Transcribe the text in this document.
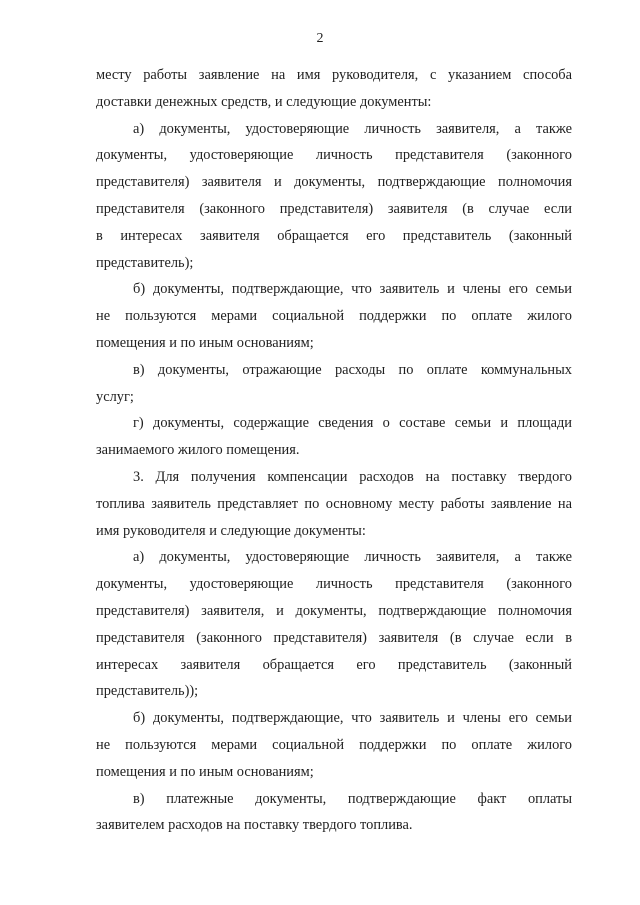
2
месту работы заявление на имя руководителя, с указанием способа
доставки денежных средств, и следующие документы:
а) документы, удостоверяющие личность заявителя, а также
документы, удостоверяющие личность представителя (законного
представителя) заявителя и документы, подтверждающие полномочия
представителя (законного представителя) заявителя (в случае если
в интересах заявителя обращается его представитель (законный
представитель);
б) документы, подтверждающие, что заявитель и члены его семьи
не пользуются мерами социальной поддержки по оплате жилого
помещения и по иным основаниям;
в) документы, отражающие расходы по оплате коммунальных
услуг;
г) документы, содержащие сведения о составе семьи и площади
занимаемого жилого помещения.
3. Для получения компенсации расходов на поставку твердого
топлива заявитель представляет по основному месту работы заявление на
имя руководителя и следующие документы:
а) документы, удостоверяющие личность заявителя, а также
документы, удостоверяющие личность представителя (законного
представителя) заявителя, и документы, подтверждающие полномочия
представителя (законного представителя) заявителя (в случае если в
интересах заявителя обращается его представитель (законный
представитель));
б) документы, подтверждающие, что заявитель и члены его семьи
не пользуются мерами социальной поддержки по оплате жилого
помещения и по иным основаниям;
в) платежные документы, подтверждающие факт оплаты
заявителем расходов на поставку твердого топлива.
